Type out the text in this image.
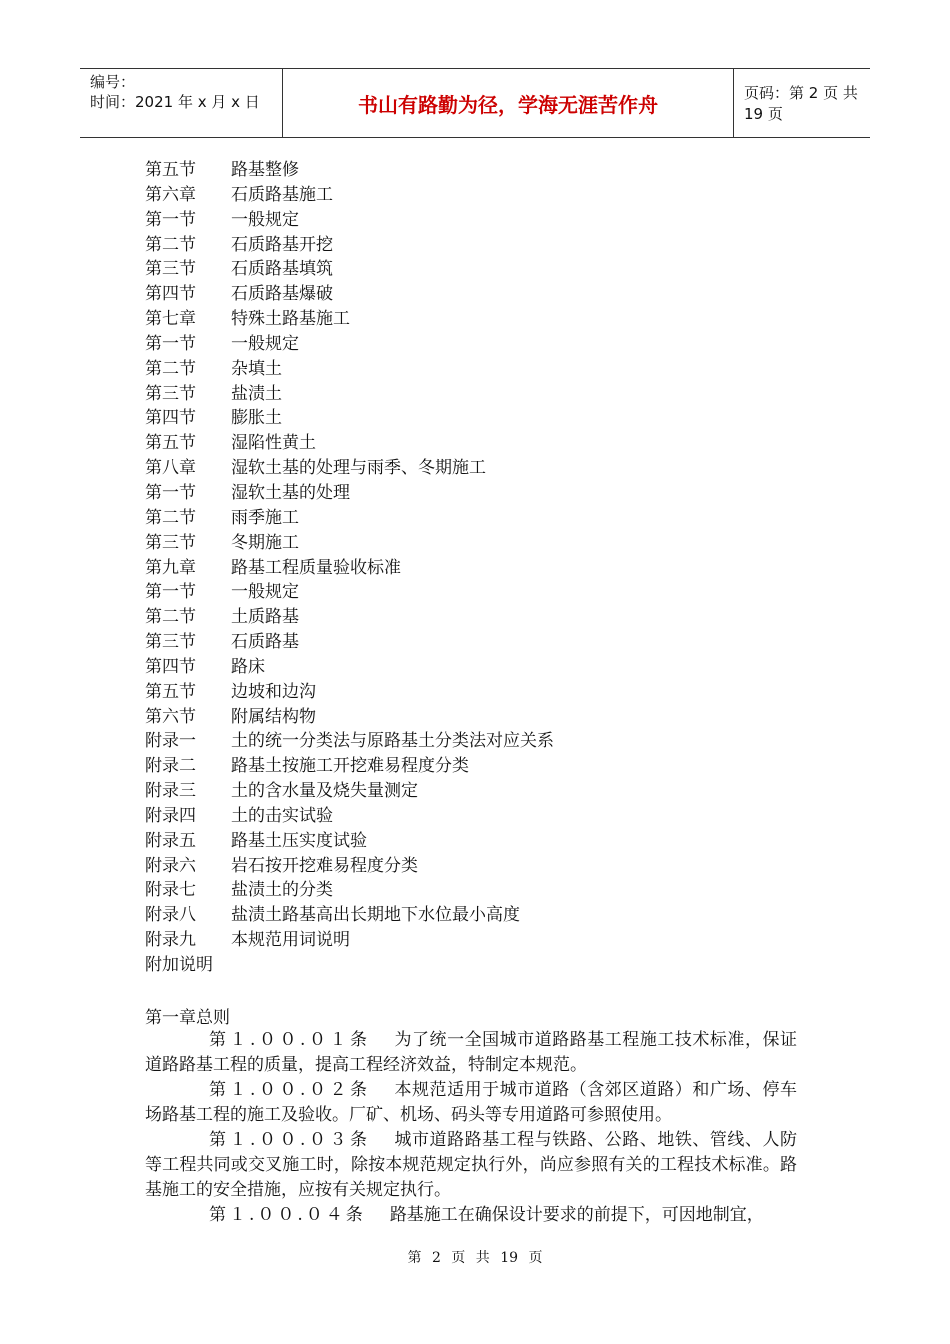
编号：
时间：2021 年 x 月 x 日	书山有路勤为径，学海无涯苦作舟	页码：第 2 页 共 19 页
第五节 路基整修
第六章 石质路基施工
第一节 一般规定
第二节 石质路基开挖
第三节 石质路基填筑
第四节 石质路基爆破
第七章 特殊土路基施工
第一节 一般规定
第二节 杂填土
第三节 盐渍土
第四节 膨胀土
第五节 湿陷性黄土
第八章 湿软土基的处理与雨季、冬期施工
第一节 湿软土基的处理
第二节 雨季施工
第三节 冬期施工
第九章 路基工程质量验收标准
第一节 一般规定
第二节 土质路基
第三节 石质路基
第四节 路床
第五节 边坡和边沟
第六节 附属结构物
附录一 土的统一分类法与原路基土分类法对应关系
附录二 路基土按施工开挖难易程度分类
附录三 土的含水量及烧失量测定
附录四 土的击实试验
附录五 路基土压实度试验
附录六 岩石按开挖难易程度分类
附录七 盐渍土的分类
附录八 盐渍土路基高出长期地下水位最小高度
附录九 本规范用词说明
附加说明
第一章总则
第１.００.０１条 为了统一全国城市道路路基工程施工技术标准，保证道路路基工程的质量，提高工程经济效益，特制定本规范。
第１.００.０２条 本规范适用于城市道路（含郊区道路）和广场、停车场路基工程的施工及验收。厂矿、机场、码头等专用道路可参照使用。
第１.００.０３条 城市道路路基工程与铁路、公路、地铁、管线、人防等工程共同或交叉施工时，除按本规范规定执行外，尚应参照有关的工程技术标准。路基施工的安全措施，应按有关规定执行。
第１.００.０４条 路基施工在确保设计要求的前提下，可因地制宜，
第 2 页 共 19 页
